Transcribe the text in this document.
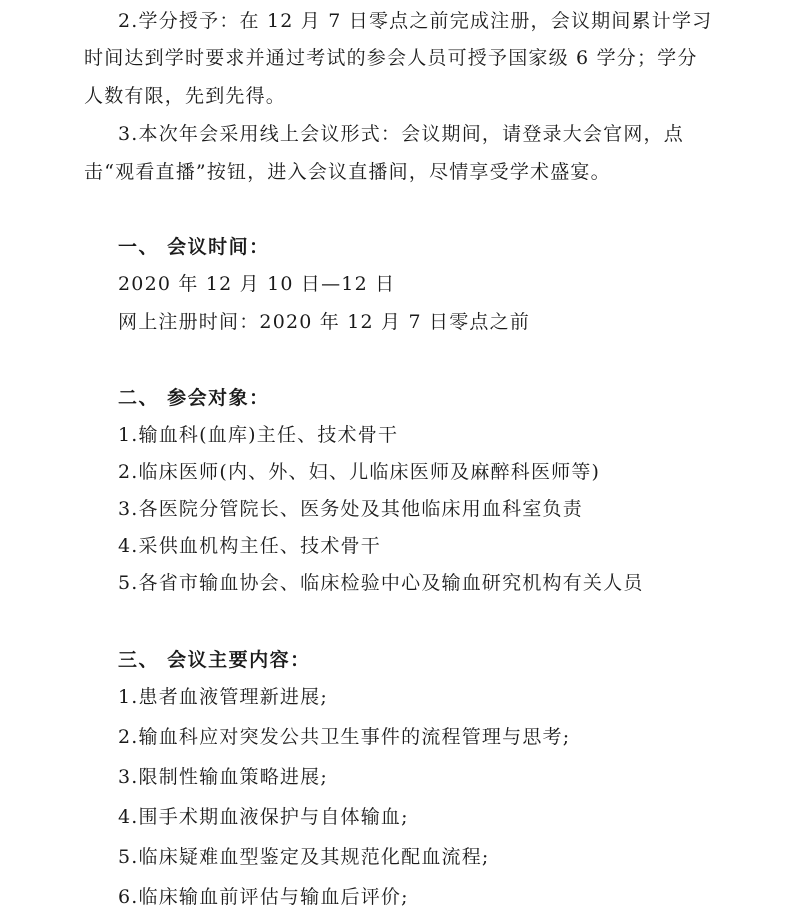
2.学分授予：在 12 月 7 日零点之前完成注册，会议期间累计学习
时间达到学时要求并通过考试的参会人员可授予国家级 6 学分；学分
人数有限，先到先得。
3.本次年会采用线上会议形式：会议期间，请登录大会官网，点
击“观看直播”按钮，进入会议直播间，尽情享受学术盛宴。
一、 会议时间：
2020 年 12 月 10 日—12 日
网上注册时间：2020 年 12 月 7 日零点之前
二、 参会对象：
1.输血科(血库)主任、技术骨干
2.临床医师(内、外、妇、儿临床医师及麻醉科医师等)
3.各医院分管院长、医务处及其他临床用血科室负责
4.采供血机构主任、技术骨干
5.各省市输血协会、临床检验中心及输血研究机构有关人员
三、 会议主要内容：
1.患者血液管理新进展;
2.输血科应对突发公共卫生事件的流程管理与思考;
3.限制性输血策略进展;
4.围手术期血液保护与自体输血;
5.临床疑难血型鉴定及其规范化配血流程;
6.临床输血前评估与输血后评价;
